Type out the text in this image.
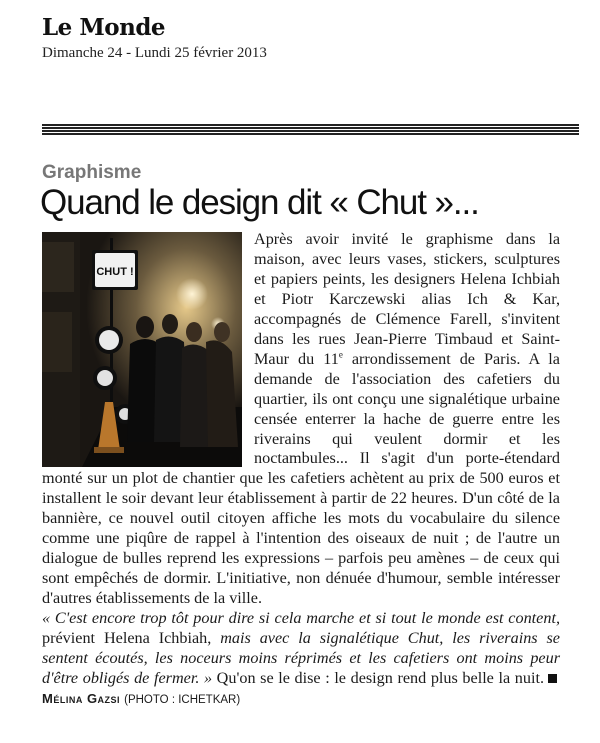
Le Monde
Dimanche 24 - Lundi 25 février 2013
Graphisme
Quand le design dit « Chut »...
CHUT !

Après avoir invité le graphisme dans la maison, avec leurs vases, stickers, sculptures et papiers peints, les designers Helena Ichbiah et Piotr Karczewski alias Ich & Kar, accompagnés de Clémence Farell, s'invitent dans les rues Jean-Pierre Timbaud et Saint-Maur du 11e arrondissement de Paris. A la demande de l'association des cafetiers du quartier, ils ont conçu une signalétique urbaine censée enterrer la hache de guerre entre les riverains qui veulent dormir et les noctambules... Il s'agit d'un porte-étendard monté sur un plot de chantier que les cafetiers achètent au prix de 500 euros et installent le soir devant leur établissement à partir de 22 heures. D'un côté de la bannière, ce nouvel outil citoyen affiche les mots du vocabulaire du silence comme une piqûre de rappel à l'intention des oiseaux de nuit ; de l'autre un dialogue de bulles reprend les expressions – parfois peu amènes – de ceux qui sont empêchés de dormir. L'initiative, non dénuée d'humour, semble intéresser d'autres établissements de la ville.

« C'est encore trop tôt pour dire si cela marche et si tout le monde est content, prévient Helena Ichbiah, mais avec la signalétique Chut, les riverains se sentent écoutés, les noceurs moins réprimés et les cafetiers ont moins peur d'être obligés de fermer. » Qu'on se le dise : le design rend plus belle la nuit.Mélina Gazsi (PHOTO : ICHETKAR)
